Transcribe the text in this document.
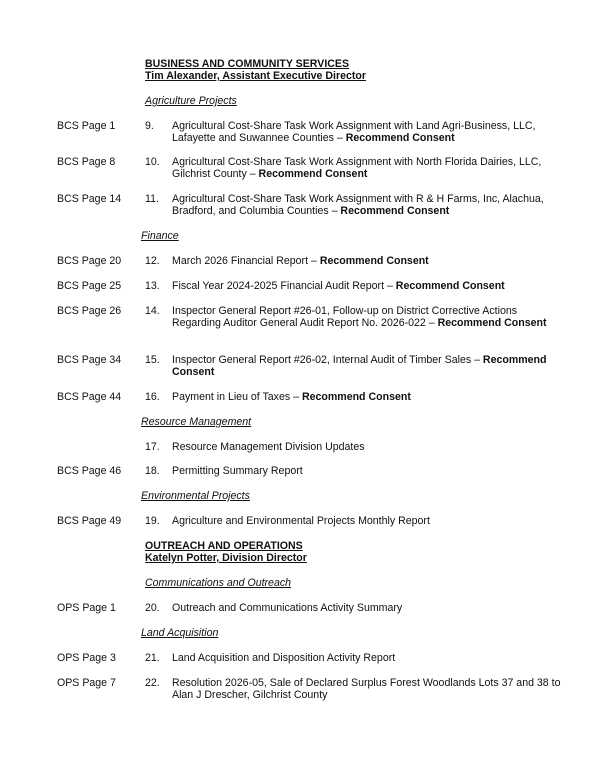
BUSINESS AND COMMUNITY SERVICES
Tim Alexander, Assistant Executive Director
Agriculture Projects
BCS Page 1	9. Agricultural Cost-Share Task Work Assignment with Land Agri-Business, LLC, Lafayette and Suwannee Counties – Recommend Consent
BCS Page 8	10. Agricultural Cost-Share Task Work Assignment with North Florida Dairies, LLC, Gilchrist County – Recommend Consent
BCS Page 14 11. Agricultural Cost-Share Task Work Assignment with R & H Farms, Inc, Alachua, Bradford, and Columbia Counties – Recommend Consent
Finance
BCS Page 20 12. March 2026 Financial Report – Recommend Consent
BCS Page 25 13. Fiscal Year 2024-2025 Financial Audit Report – Recommend Consent
BCS Page 26 14. Inspector General Report #26-01, Follow-up on District Corrective Actions Regarding Auditor General Audit Report No. 2026-022 – Recommend Consent
BCS Page 34 15. Inspector General Report #26-02, Internal Audit of Timber Sales – Recommend Consent
BCS Page 44 16. Payment in Lieu of Taxes – Recommend Consent
Resource Management
17. Resource Management Division Updates
BCS Page 46 18. Permitting Summary Report
Environmental Projects
BCS Page 49 19. Agriculture and Environmental Projects Monthly Report
OUTREACH AND OPERATIONS
Katelyn Potter, Division Director
Communications and Outreach
OPS Page 1	20. Outreach and Communications Activity Summary
Land Acquisition
OPS Page 3	21. Land Acquisition and Disposition Activity Report
OPS Page 7	22. Resolution 2026-05, Sale of Declared Surplus Forest Woodlands Lots 37 and 38 to Alan J Drescher, Gilchrist County
